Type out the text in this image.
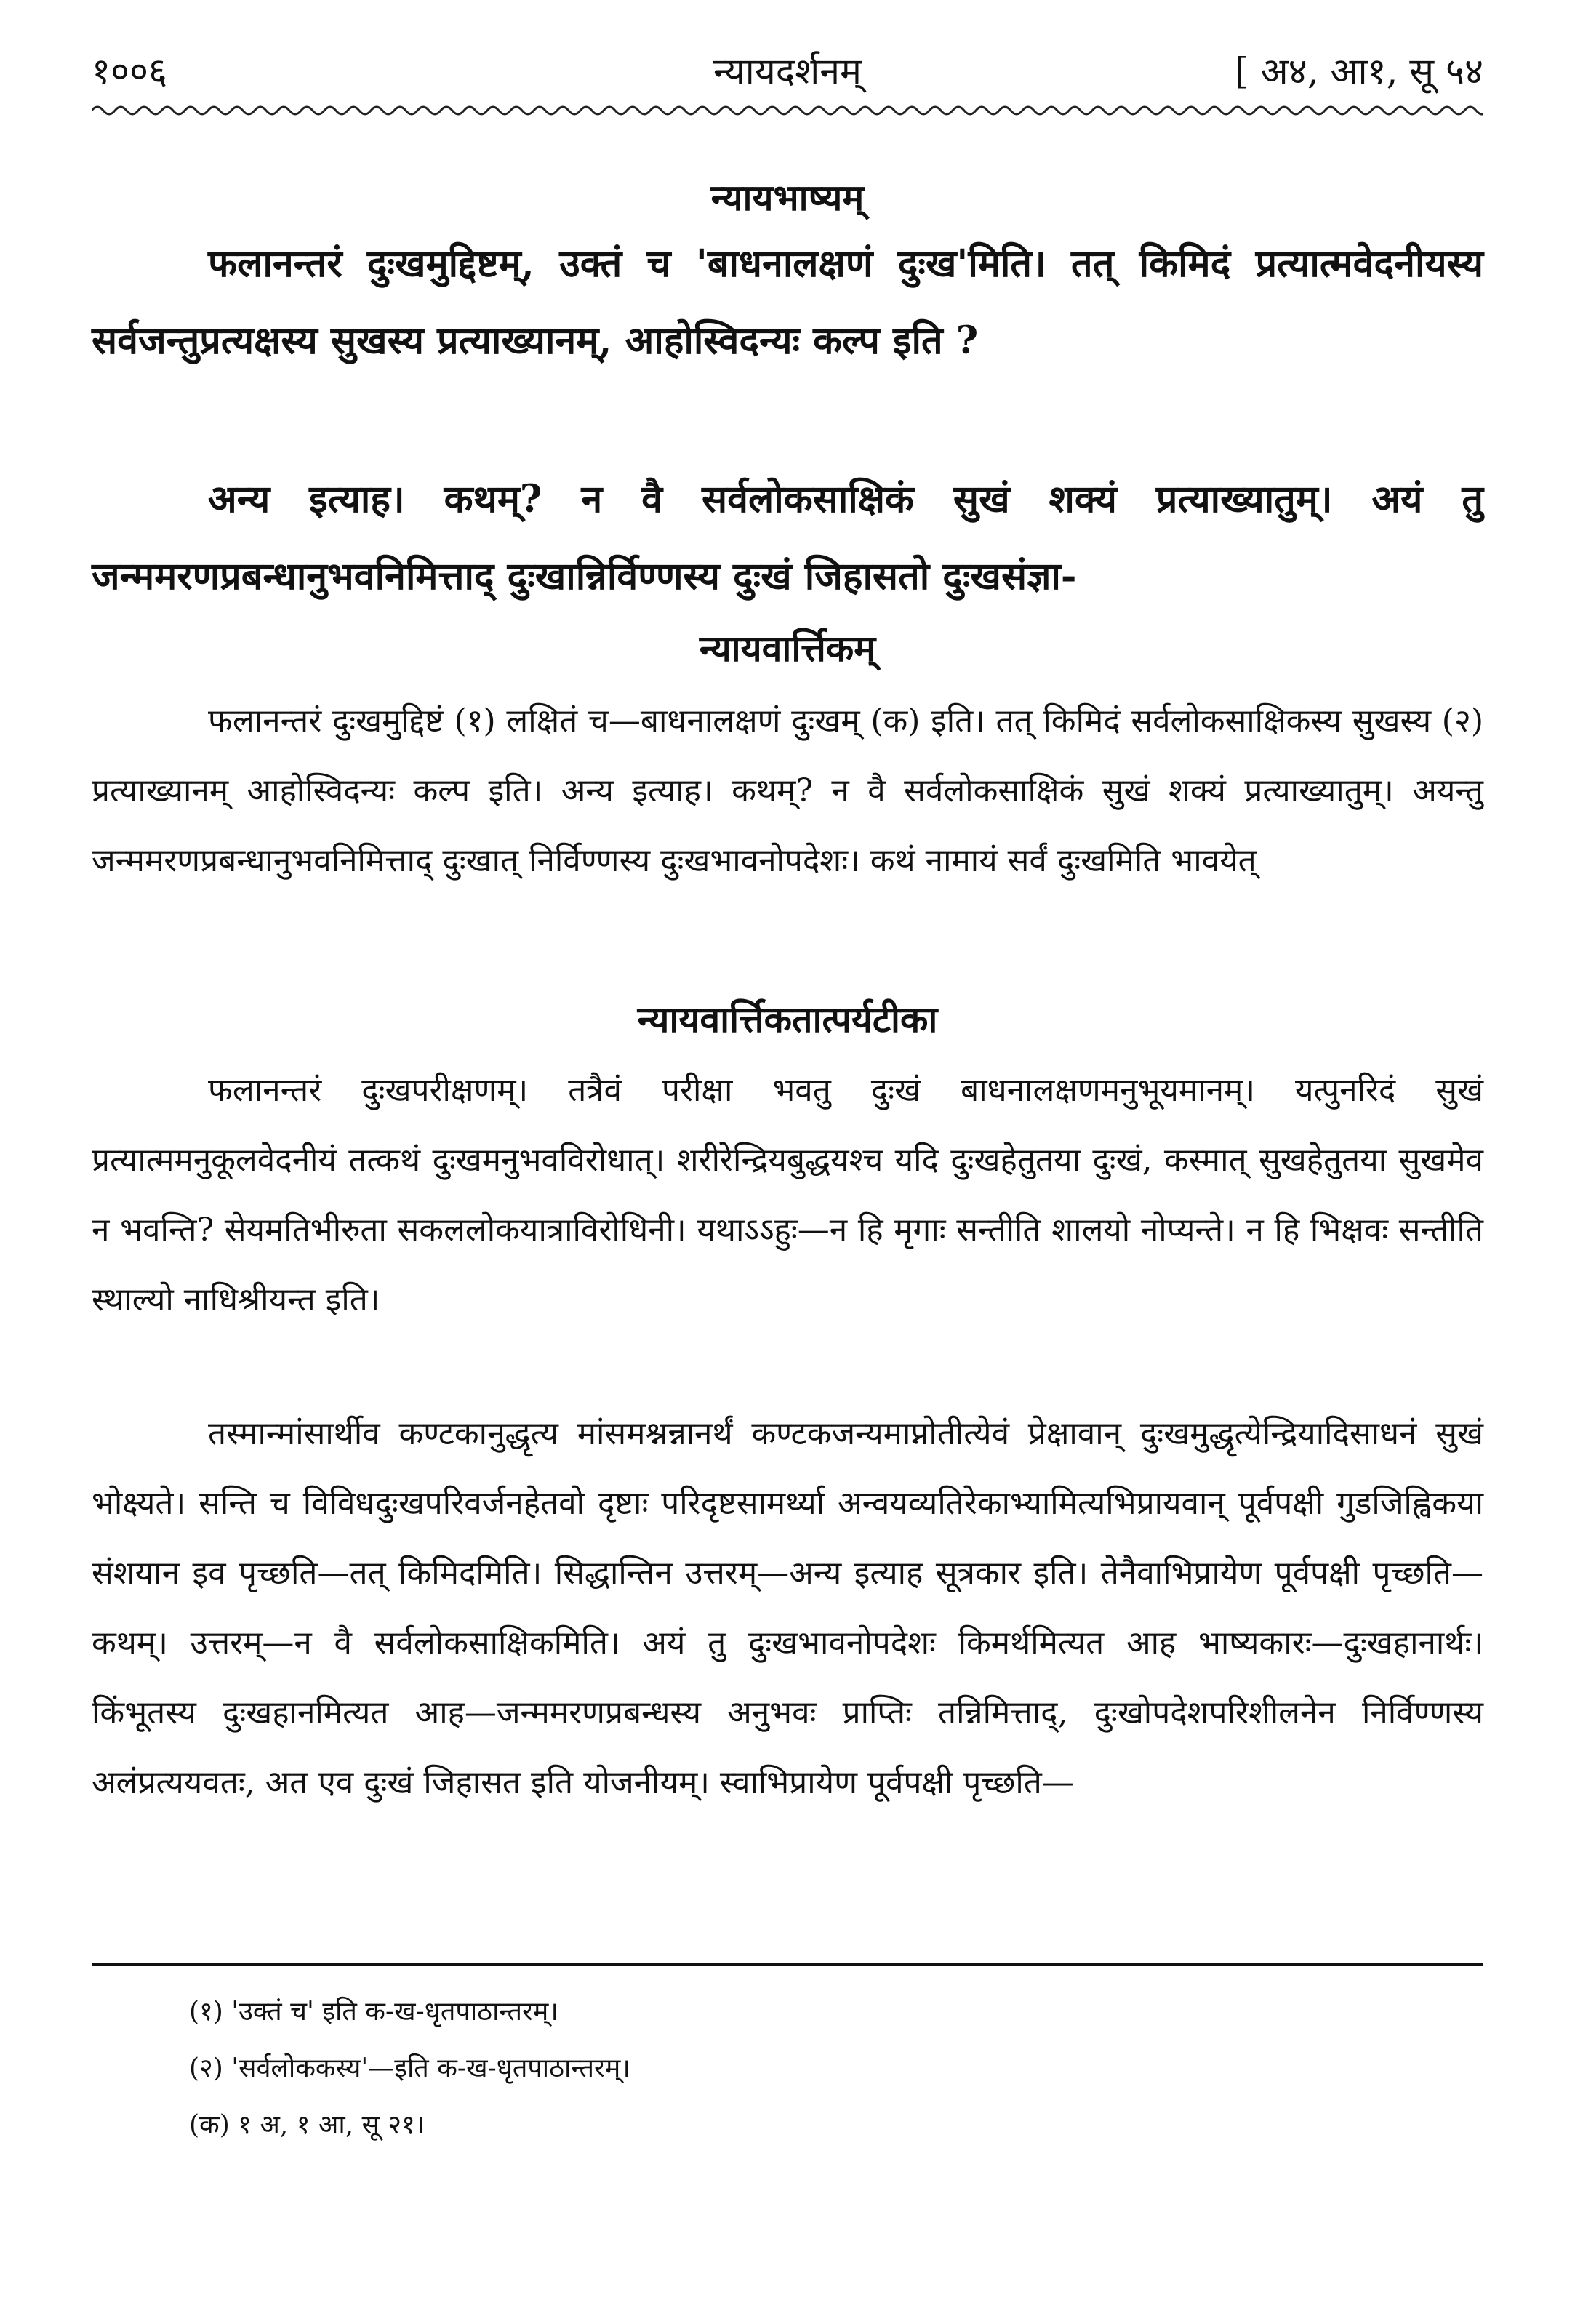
१००६	न्यायदर्शनम्	[ अ४, आ१, सू ५४
न्यायभाष्यम्

फलानन्तरं दुःखमुद्दिष्टम्, उक्तं च 'बाधनालक्षणं दुःख'मिति। तत् किमिदं प्रत्यात्मवेदनीयस्य सर्वजन्तुप्रत्यक्षस्य सुखस्य प्रत्याख्यानम्, आहोस्विदन्यः कल्प इति ?

अन्य इत्याह। कथम्? न वै सर्वलोकसाक्षिकं सुखं शक्यं प्रत्याख्यातुम्। अयं तु जन्ममरणप्रबन्धानुभवनिमित्ताद् दुःखान्निर्विण्णस्य दुःखं जिहासतो दुःखसंज्ञा-

न्यायवार्त्तिकम्

फलानन्तरं दुःखमुद्दिष्टं (१) लक्षितं च—बाधनालक्षणं दुःखम् (क) इति। तत् किमिदं सर्वलोकसाक्षिकस्य सुखस्य (२) प्रत्याख्यानम् आहोस्विदन्यः कल्प इति। अन्य इत्याह। कथम्? न वै सर्वलोकसाक्षिकं सुखं शक्यं प्रत्याख्यातुम्। अयन्तु जन्ममरणप्रबन्धानुभवनिमित्ताद् दुःखात् निर्विण्णस्य दुःखभावनोपदेशः। कथं नामायं सर्वं दुःखमिति भावयेत्

न्यायवार्त्तिकतात्पर्यटीका

फलानन्तरं दुःखपरीक्षणम्। तत्रैवं परीक्षा भवतु दुःखं बाधनालक्षणमनुभूयमानम्। यत्पुनरिदं सुखं प्रत्यात्ममनुकूलवेदनीयं तत्कथं दुःखमनुभवविरोधात्। शरीरेन्द्रियबुद्धयश्च यदि दुःखहेतुतया दुःखं, कस्मात् सुखहेतुतया सुखमेव न भवन्ति? सेयमतिभीरुता सकललोकयात्राविरोधिनी। यथाऽऽहुः—न हि मृगाः सन्तीति शालयो नोप्यन्ते। न हि भिक्षवः सन्तीति स्थाल्यो नाधिश्रीयन्त इति।

तस्मान्मांसार्थीव कण्टकानुद्धृत्य मांसमश्नन्नानर्थं कण्टकजन्यमाप्नोतीत्येवं प्रेक्षावान् दुःखमुद्धृत्येन्द्रियादिसाधनं सुखं भोक्ष्यते। सन्ति च विविधदुःखपरिवर्जनहेतवो दृष्टाः परिदृष्टसामर्थ्या अन्वयव्यतिरेकाभ्यामित्यभिप्रायवान् पूर्वपक्षी गुडजिह्विकया संशयान इव पृच्छति—तत् किमिदमिति। सिद्धान्तिन उत्तरम्—अन्य इत्याह सूत्रकार इति। तेनैवाभिप्रायेण पूर्वपक्षी पृच्छति—कथम्। उत्तरम्—न वै सर्वलोकसाक्षिकमिति। अयं तु दुःखभावनोपदेशः किमर्थमित्यत आह भाष्यकारः—दुःखहानार्थः। किंभूतस्य दुःखहानमित्यत आह—जन्ममरणप्रबन्धस्य अनुभवः प्राप्तिः तन्निमित्ताद्, दुःखोपदेशपरिशीलनेन निर्विण्णस्य अलंप्रत्ययवतः, अत एव दुःखं जिहासत इति योजनीयम्। स्वाभिप्रायेण पूर्वपक्षी पृच्छति—

(१) 'उक्तं च' इति क-ख-धृतपाठान्तरम्।
(२) 'सर्वलोककस्य'—इति क-ख-धृतपाठान्तरम्।
(क) १ अ, १ आ, सू २१।
